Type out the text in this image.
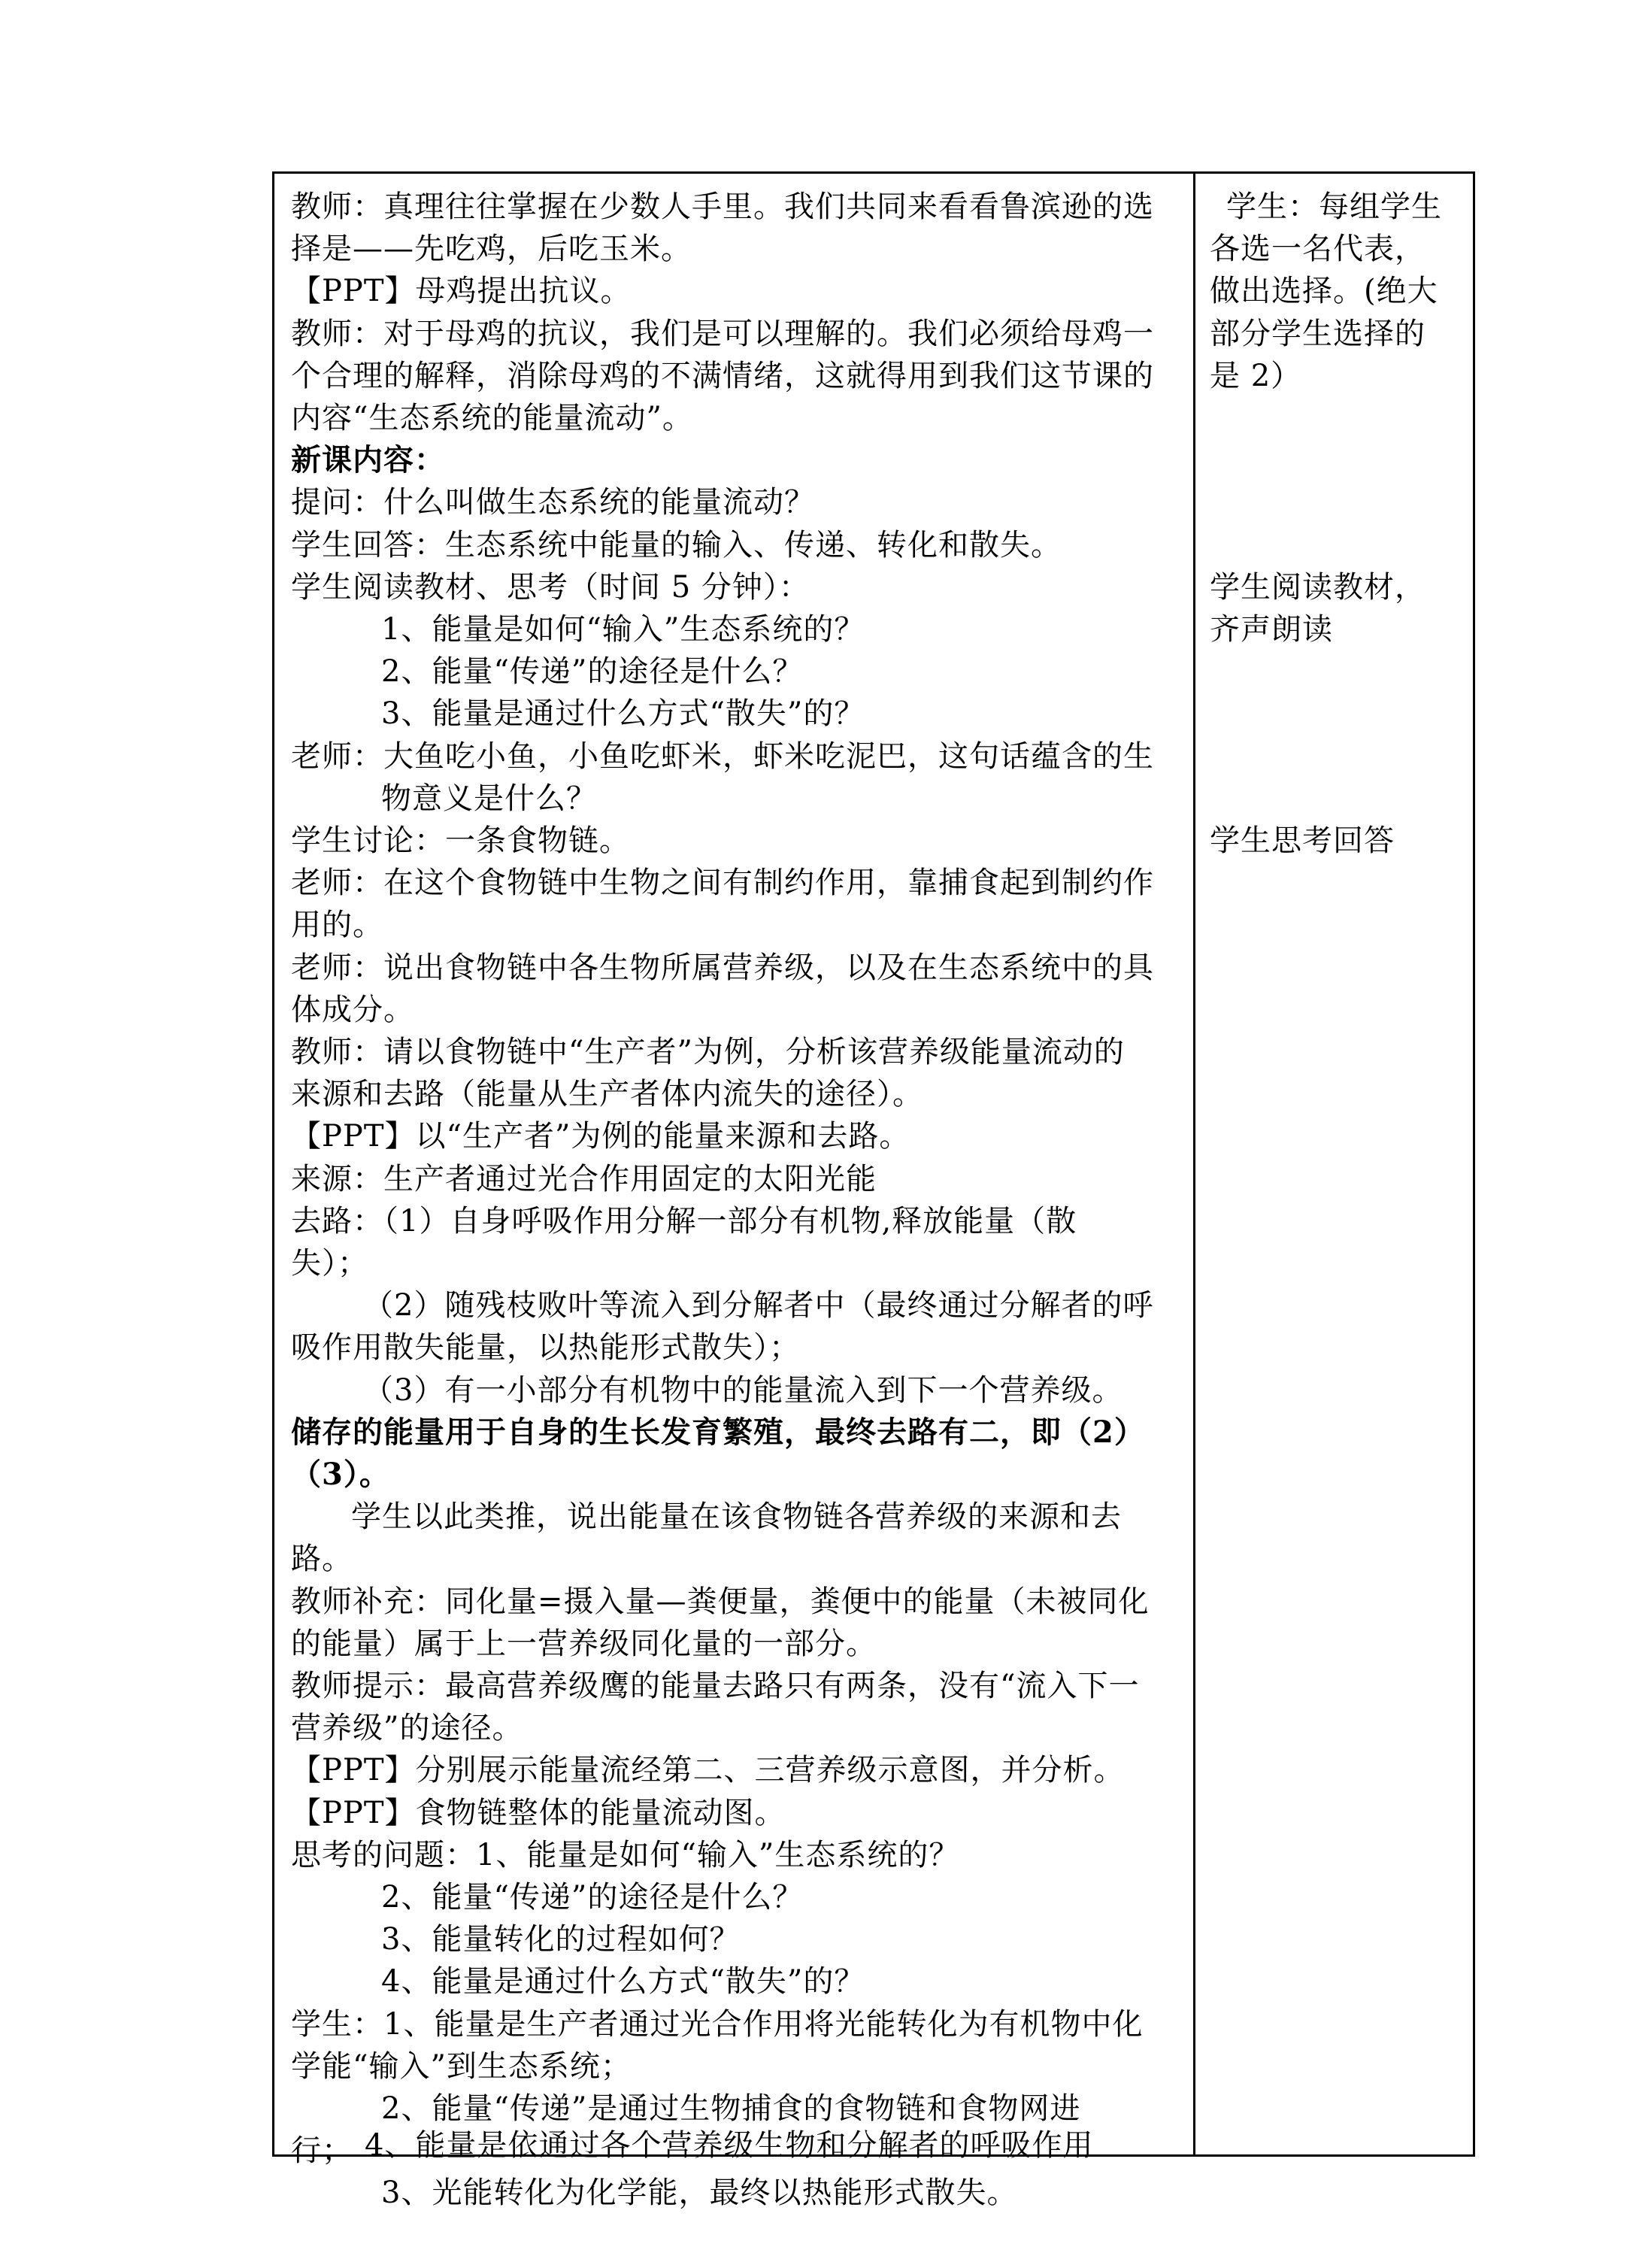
教师：真理往往掌握在少数人手里。我们共同来看看鲁滨逊的选
择是——先吃鸡，后吃玉米。
【PPT】母鸡提出抗议。
教师：对于母鸡的抗议，我们是可以理解的。我们必须给母鸡一
个合理的解释，消除母鸡的不满情绪，这就得用到我们这节课的
内容“生态系统的能量流动”。
新课内容：
提问：什么叫做生态系统的能量流动？
学生回答：生态系统中能量的输入、传递、转化和散失。
学生阅读教材、思考（时间 5 分钟）：
1、能量是如何“输入”生态系统的？
2、能量“传递”的途径是什么？
3、能量是通过什么方式“散失”的？
老师：大鱼吃小鱼，小鱼吃虾米，虾米吃泥巴，这句话蕴含的生
物意义是什么？
学生讨论：一条食物链。
老师：在这个食物链中生物之间有制约作用，靠捕食起到制约作
用的。
老师：说出食物链中各生物所属营养级，以及在生态系统中的具
体成分。
教师：请以食物链中“生产者”为例，分析该营养级能量流动的
来源和去路（能量从生产者体内流失的途径）。
【PPT】以“生产者”为例的能量来源和去路。
来源：生产者通过光合作用固定的太阳光能
去路：（1）自身呼吸作用分解一部分有机物,释放能量（散
失）；
（2）随残枝败叶等流入到分解者中（最终通过分解者的呼
吸作用散失能量，以热能形式散失）；
（3）有一小部分有机物中的能量流入到下一个营养级。
储存的能量用于自身的生长发育繁殖，最终去路有二，即（2）
（3）。
学生以此类推，说出能量在该食物链各营养级的来源和去
路。
教师补充：同化量=摄入量—粪便量，粪便中的能量（未被同化
的能量）属于上一营养级同化量的一部分。
教师提示：最高营养级鹰的能量去路只有两条，没有“流入下一
营养级”的途径。
【PPT】分别展示能量流经第二、三营养级示意图，并分析。
【PPT】食物链整体的能量流动图。
思考的问题：1、能量是如何“输入”生态系统的？
2、能量“传递”的途径是什么？
3、能量转化的过程如何？
4、能量是通过什么方式“散失”的？
学生：1、能量是生产者通过光合作用将光能转化为有机物中化
学能“输入”到生态系统；
2、能量“传递”是通过生物捕食的食物链和食物网进
行；
3、光能转化为化学能，最终以热能形式散失。
学生：每组学生
各选一名代表，
做出选择。(绝大
部分学生选择的
是 2）
学生阅读教材，
齐声朗读
学生思考回答
4、能量是依通过各个营养级生物和分解者的呼吸作用
